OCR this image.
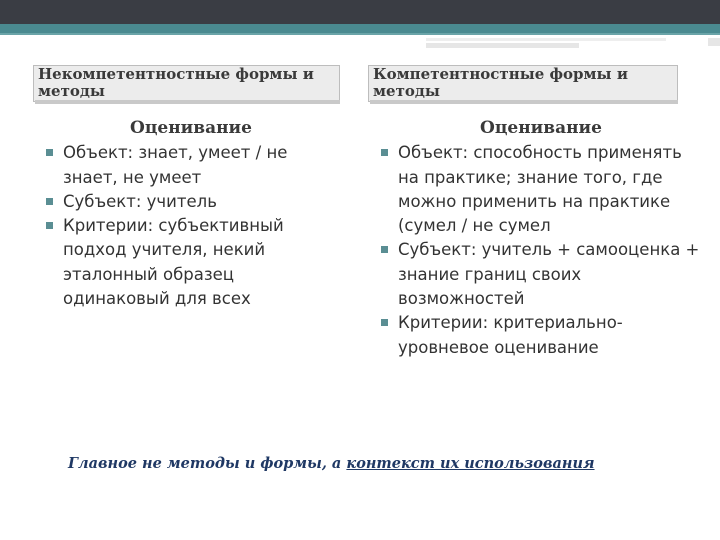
Некомпетентностные формы и методы
Компетентностные формы и методы
Оценивание
Объект: знает, умеет / не знает, не умеет
Субъект: учитель
Критерии: субъективный подход учителя, некий эталонный образец одинаковый для всех
Оценивание
Объект: способность применять на практике; знание того, где можно применить на практике (сумел / не сумел
Субъект: учитель + самооценка + знание границ своих возможностей
Критерии: критериально-уровневое оценивание
Главное не методы и формы, а контекст их использования
